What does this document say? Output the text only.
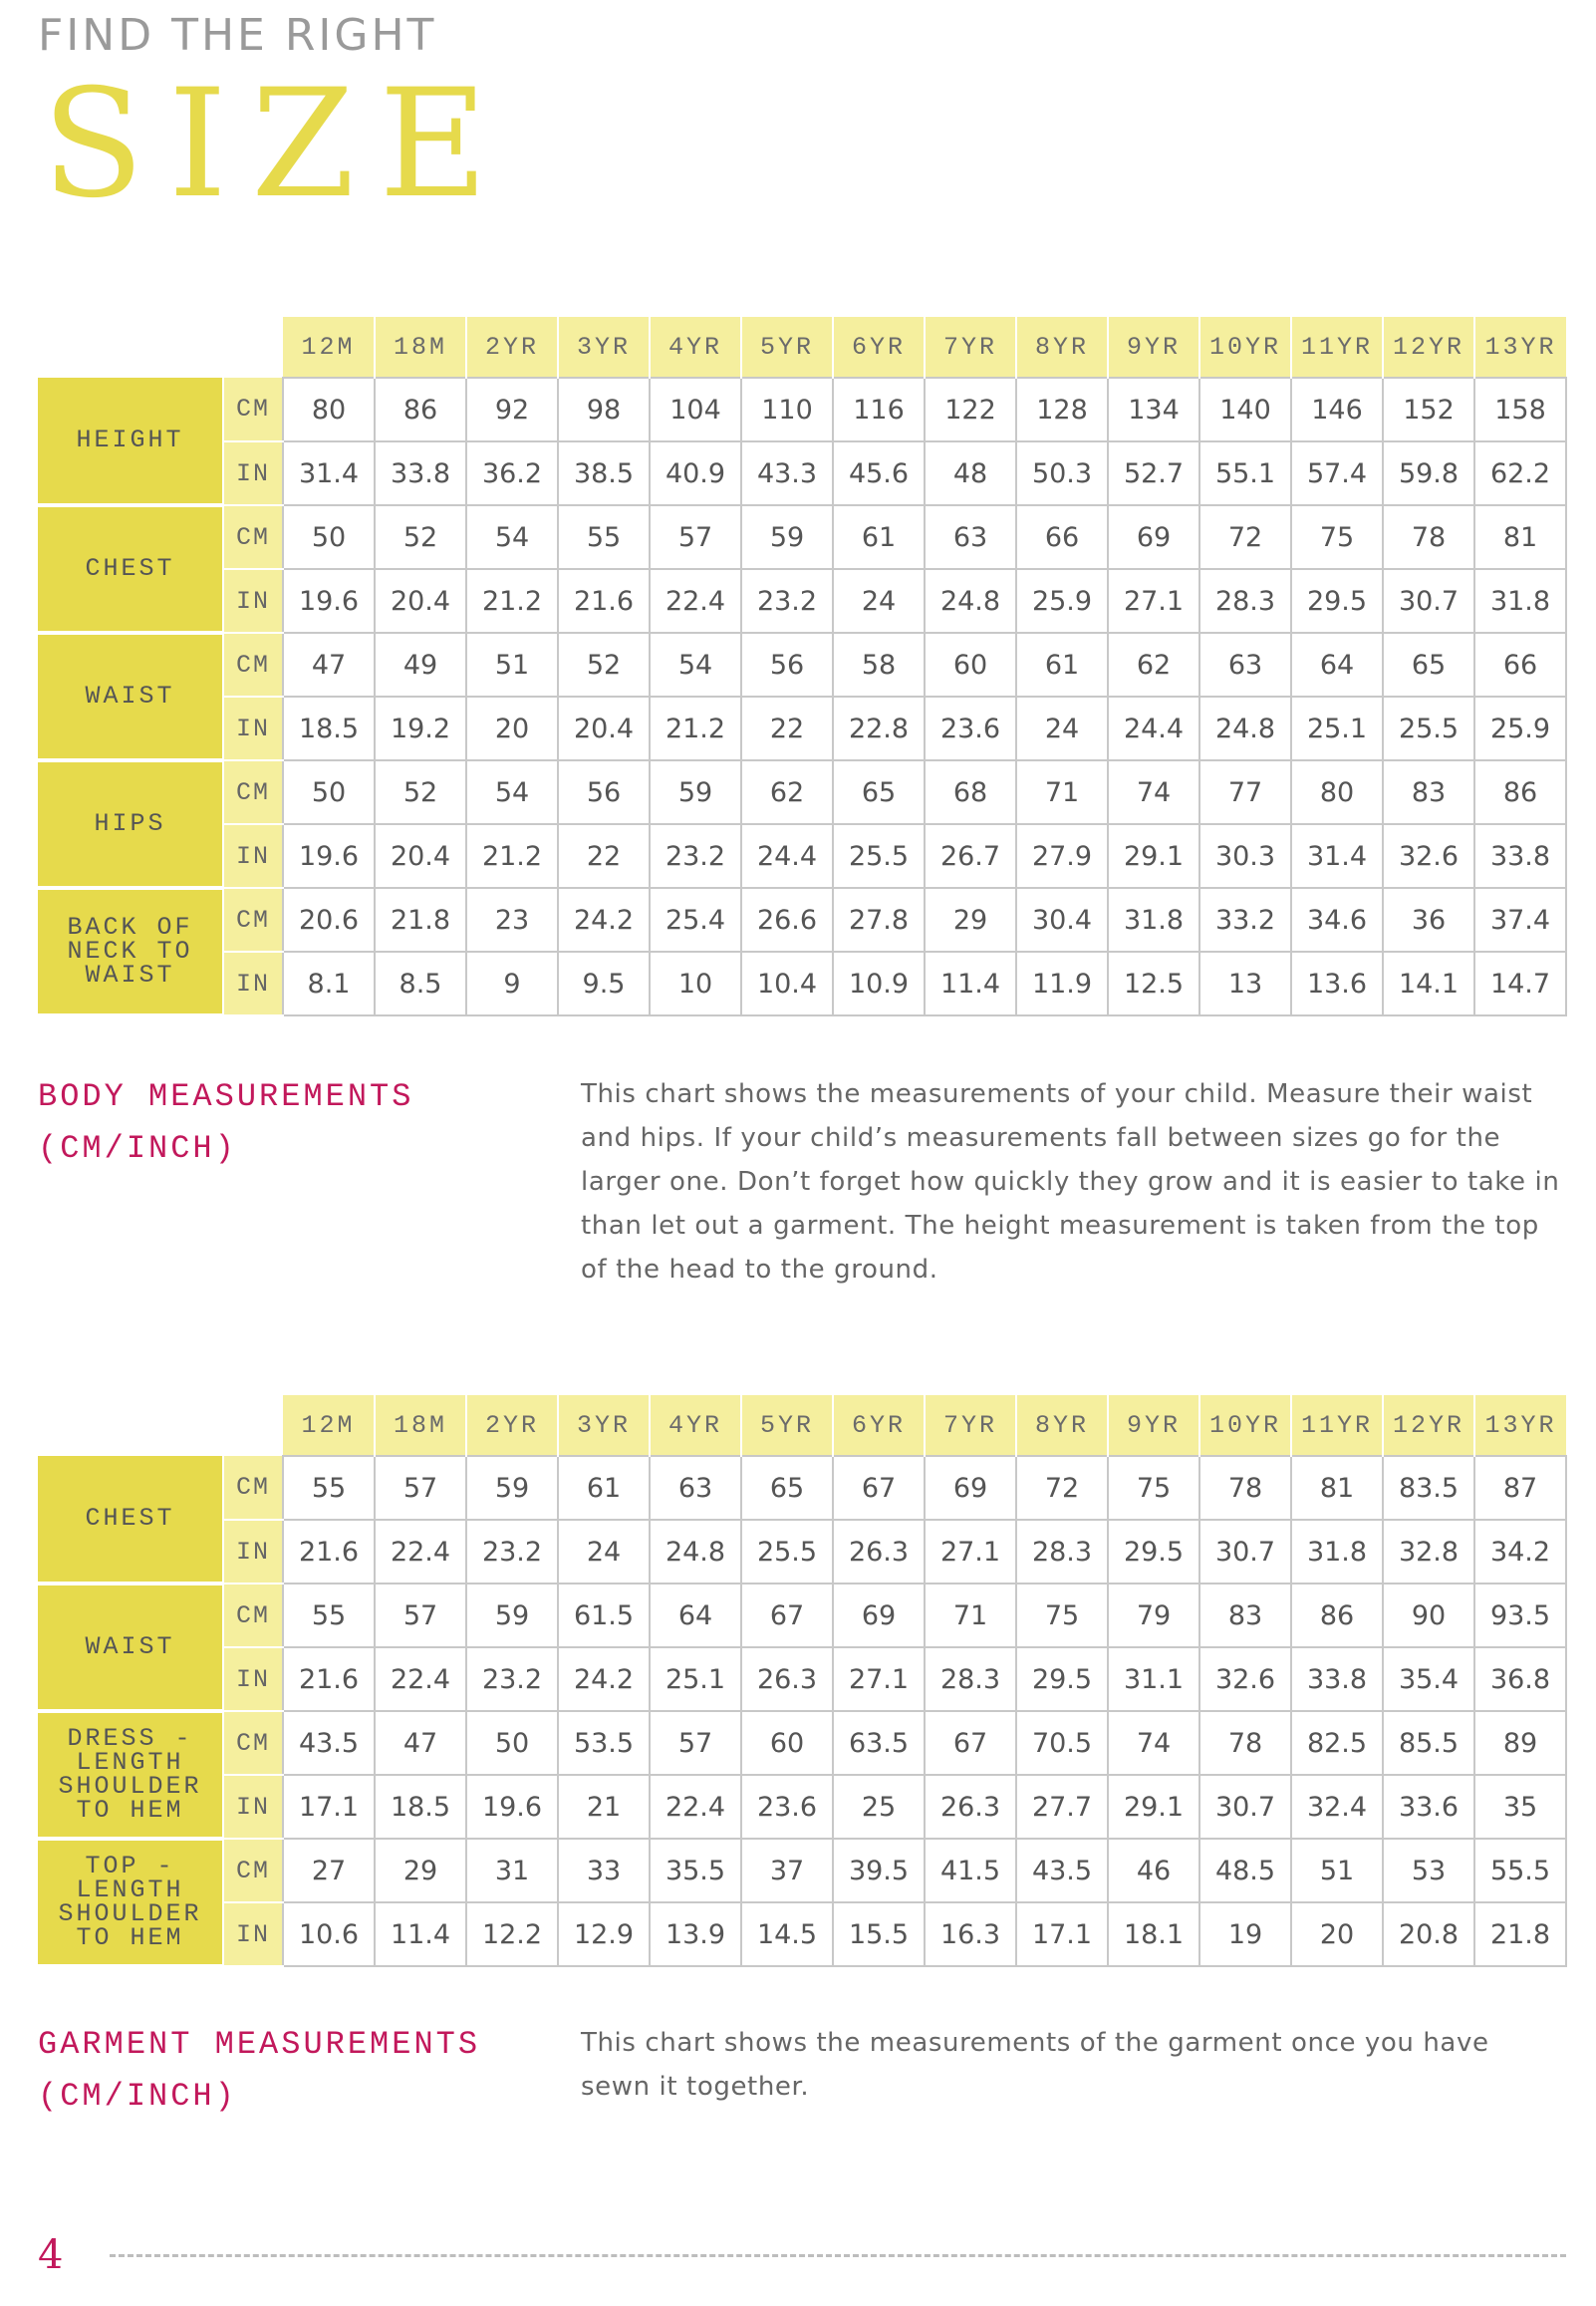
FIND THE RIGHT
SIZE
		12M	18M	2YR	3YR	4YR	5YR	6YR	7YR	8YR	9YR	10YR	11YR	12YR	13YR
HEIGHT	CM	80	86	92	98	104	110	116	122	128	134	140	146	152	158
	IN	31.4	33.8	36.2	38.5	40.9	43.3	45.6	48	50.3	52.7	55.1	57.4	59.8	62.2
CHEST	CM	50	52	54	55	57	59	61	63	66	69	72	75	78	81
	IN	19.6	20.4	21.2	21.6	22.4	23.2	24	24.8	25.9	27.1	28.3	29.5	30.7	31.8
WAIST	CM	47	49	51	52	54	56	58	60	61	62	63	64	65	66
	IN	18.5	19.2	20	20.4	21.2	22	22.8	23.6	24	24.4	24.8	25.1	25.5	25.9
HIPS	CM	50	52	54	56	59	62	65	68	71	74	77	80	83	86
	IN	19.6	20.4	21.2	22	23.2	24.4	25.5	26.7	27.9	29.1	30.3	31.4	32.6	33.8
BACK OF NECK TO WAIST	CM	20.6	21.8	23	24.2	25.4	26.6	27.8	29	30.4	31.8	33.2	34.6	36	37.4
	IN	8.1	8.5	9	9.5	10	10.4	10.9	11.4	11.9	12.5	13	13.6	14.1	14.7
BODY MEASUREMENTS
(CM/INCH)

This chart shows the measurements of your child. Measure their waist and hips. If your child’s measurements fall between sizes go for the larger one. Don’t forget how quickly they grow and it is easier to take in than let out a garment. The height measurement is taken from the top of the head to the ground.

		12M	18M	2YR	3YR	4YR	5YR	6YR	7YR	8YR	9YR	10YR	11YR	12YR	13YR
CHEST	CM	55	57	59	61	63	65	67	69	72	75	78	81	83.5	87
	IN	21.6	22.4	23.2	24	24.8	25.5	26.3	27.1	28.3	29.5	30.7	31.8	32.8	34.2
WAIST	CM	55	57	59	61.5	64	67	69	71	75	79	83	86	90	93.5
	IN	21.6	22.4	23.2	24.2	25.1	26.3	27.1	28.3	29.5	31.1	32.6	33.8	35.4	36.8
DRESS - LENGTH SHOULDER TO HEM	CM	43.5	47	50	53.5	57	60	63.5	67	70.5	74	78	82.5	85.5	89
	IN	17.1	18.5	19.6	21	22.4	23.6	25	26.3	27.7	29.1	30.7	32.4	33.6	35
TOP - LENGTH SHOULDER TO HEM	CM	27	29	31	33	35.5	37	39.5	41.5	43.5	46	48.5	51	53	55.5
	IN	10.6	11.4	12.2	12.9	13.9	14.5	15.5	16.3	17.1	18.1	19	20	20.8	21.8
GARMENT MEASUREMENTS
(CM/INCH)

This chart shows the measurements of the garment once you have sewn it together.

4
